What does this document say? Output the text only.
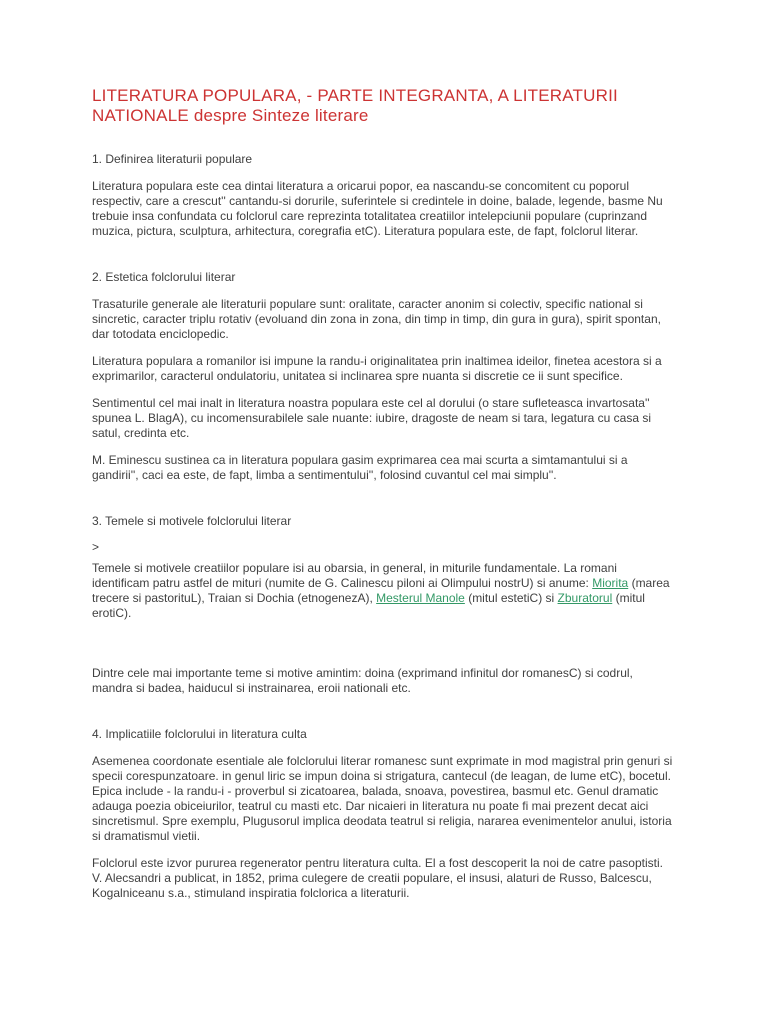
LITERATURA POPULARA, - PARTE INTEGRANTA, A LITERATURII NATIONALE despre Sinteze literare

1. Definirea literaturii populare

Literatura populara este cea dintai literatura a oricarui popor, ea nascandu-se concomitent cu poporul respectiv, care a crescut'' cantandu-si dorurile, suferintele si credintele in doine, balade, legende, basme Nu trebuie insa confundata cu folclorul care reprezinta totalitatea creatiilor intelepciunii populare (cuprinzand muzica, pictura, sculptura, arhitectura, coregrafia etC). Literatura populara este, de fapt, folclorul literar.

2. Estetica folclorului literar

Trasaturile generale ale literaturii populare sunt: oralitate, caracter anonim si colectiv, specific national si sincretic, caracter triplu rotativ (evoluand din zona in zona, din timp in timp, din gura in gura), spirit spontan, dar totodata enciclopedic.

Literatura populara a romanilor isi impune la randu-i originalitatea prin inaltimea ideilor, finetea acestora si a exprimarilor, caracterul ondulatoriu, unitatea si inclinarea spre nuanta si discretie ce ii sunt specifice.

Sentimentul cel mai inalt in literatura noastra populara este cel al dorului (o stare sufleteasca invartosata'' spunea L. BlagA), cu incomensurabilele sale nuante: iubire, dragoste de neam si tara, legatura cu casa si satul, credinta etc.

M. Eminescu sustinea ca in literatura populara gasim exprimarea cea mai scurta a simtamantului si a gandirii'', caci ea este, de fapt, limba a sentimentului'', folosind cuvantul cel mai simplu''.

3. Temele si motivele folclorului literar

>

Temele si motivele creatiilor populare isi au obarsia, in general, in miturile fundamentale. La romani identificam patru astfel de mituri (numite de G. Calinescu piloni ai Olimpului nostrU) si anume: Miorita (marea trecere si pastorituL), Traian si Dochia (etnogenezA), Mesterul Manole (mitul estetiC) si Zburatorul (mitul erotiC).

Dintre cele mai importante teme si motive amintim: doina (exprimand infinitul dor romanesC) si codrul, mandra si badea, haiducul si instrainarea, eroii nationali etc.

4. Implicatiile folclorului in literatura culta

Asemenea coordonate esentiale ale folclorului literar romanesc sunt exprimate in mod magistral prin genuri si specii corespunzatoare. in genul liric se impun doina si strigatura, cantecul (de leagan, de lume etC), bocetul. Epica include - la randu-i - proverbul si zicatoarea, balada, snoava, povestirea, basmul etc. Genul dramatic adauga poezia obiceiurilor, teatrul cu masti etc. Dar nicaieri in literatura nu poate fi mai prezent decat aici sincretismul. Spre exemplu, Plugusorul implica deodata teatrul si religia, nararea evenimentelor anului, istoria si dramatismul vietii.

Folclorul este izvor pururea regenerator pentru literatura culta. El a fost descoperit la noi de catre pasoptisti. V. Alecsandri a publicat, in 1852, prima culegere de creatii populare, el insusi, alaturi de Russo, Balcescu, Kogalniceanu s.a., stimuland inspiratia folclorica a literaturii.
